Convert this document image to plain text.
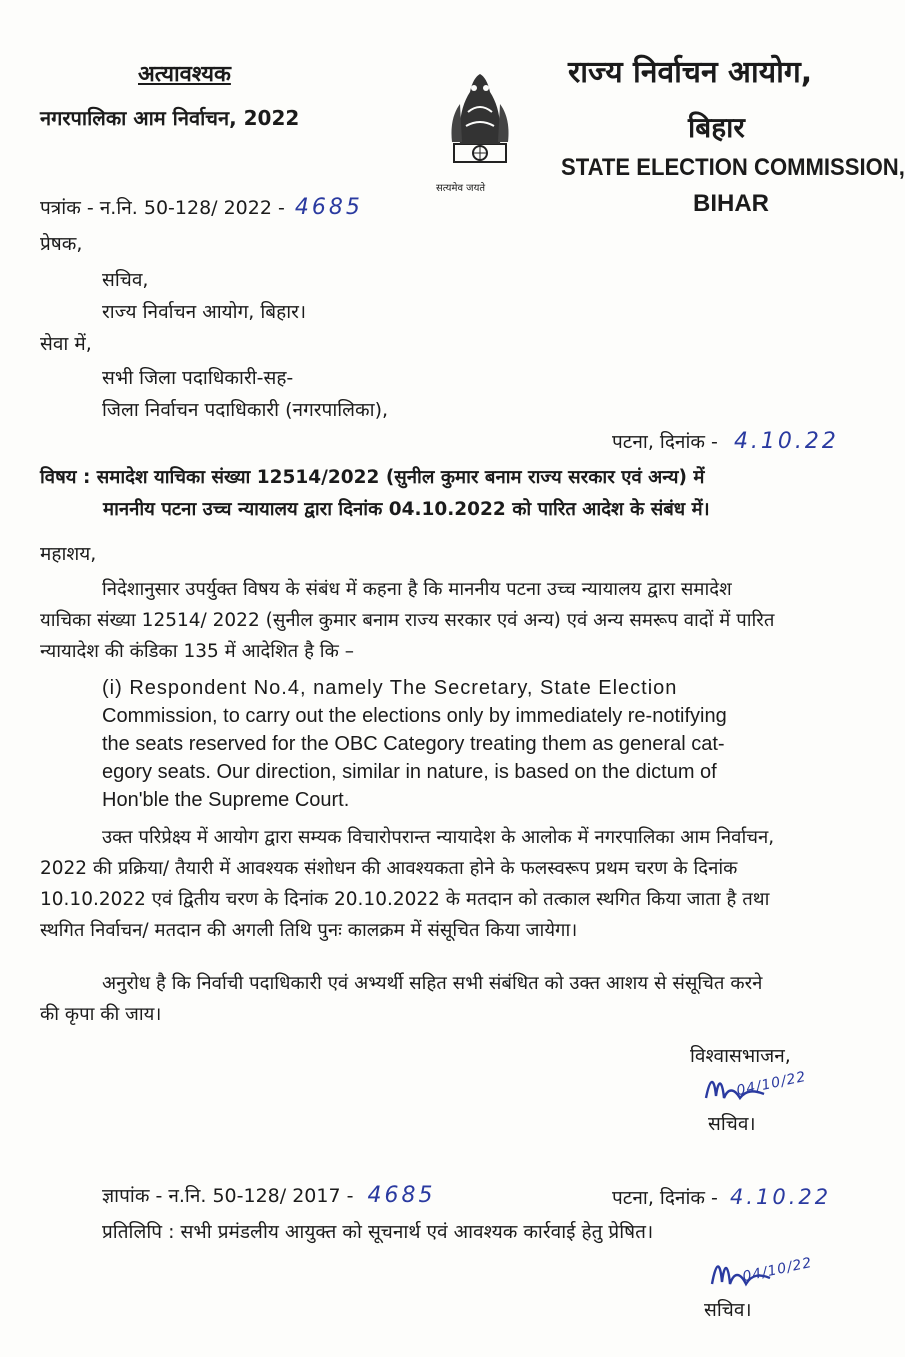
अत्यावश्यक
नगरपालिका आम निर्वाचन, 2022
सत्यमेव जयते
राज्य निर्वाचन आयोग,
बिहार
STATE ELECTION COMMISSION,
BIHAR
पत्रांक - न.नि. 50-128/ 2022 - 4685
प्रेषक,
सचिव,
राज्य निर्वाचन आयोग, बिहार।
सेवा में,
सभी जिला पदाधिकारी-सह-
जिला निर्वाचन पदाधिकारी (नगरपालिका),
पटना, दिनांक - 4.10.22
विषय : समादेश याचिका संख्या 12514/2022 (सुनील कुमार बनाम राज्य सरकार एवं अन्य) में
माननीय पटना उच्च न्यायालय द्वारा दिनांक 04.10.2022 को पारित आदेश के संबंध में।
महाशय,
निदेशानुसार उपर्युक्त विषय के संबंध में कहना है कि माननीय पटना उच्च न्यायालय द्वारा समादेश
याचिका संख्या 12514/ 2022 (सुनील कुमार बनाम राज्य सरकार एवं अन्य) एवं अन्य समरूप वादों में पारित
न्यायादेश की कंडिका 135 में आदेशित है कि –
(i) Respondent No.4, namely The Secretary, State Election
Commission, to carry out the elections only by immediately re-notifying
the seats reserved for the OBC Category treating them as general cat-
egory seats. Our direction, similar in nature, is based on the dictum of
Hon'ble the Supreme Court.
उक्त परिप्रेक्ष्य में आयोग द्वारा सम्यक विचारोपरान्त न्यायादेश के आलोक में नगरपालिका आम निर्वाचन,
2022 की प्रक्रिया/ तैयारी में आवश्यक संशोधन की आवश्यकता होने के फलस्वरूप प्रथम चरण के दिनांक
10.10.2022 एवं द्वितीय चरण के दिनांक 20.10.2022 के मतदान को तत्काल स्थगित किया जाता है तथा
स्थगित निर्वाचन/ मतदान की अगली तिथि पुनः कालक्रम में संसूचित किया जायेगा।
अनुरोध है कि निर्वाची पदाधिकारी एवं अभ्यर्थी सहित सभी संबंधित को उक्त आशय से संसूचित करने
की कृपा की जाय।
विश्वासभाजन,
04/10/22
सचिव।
ज्ञापांक - न.नि. 50-128/ 2017 - 4685	पटना, दिनांक - 4.10.22
प्रतिलिपि : सभी प्रमंडलीय आयुक्त को सूचनार्थ एवं आवश्यक कार्रवाई हेतु प्रेषित।
04/10/22
सचिव।
